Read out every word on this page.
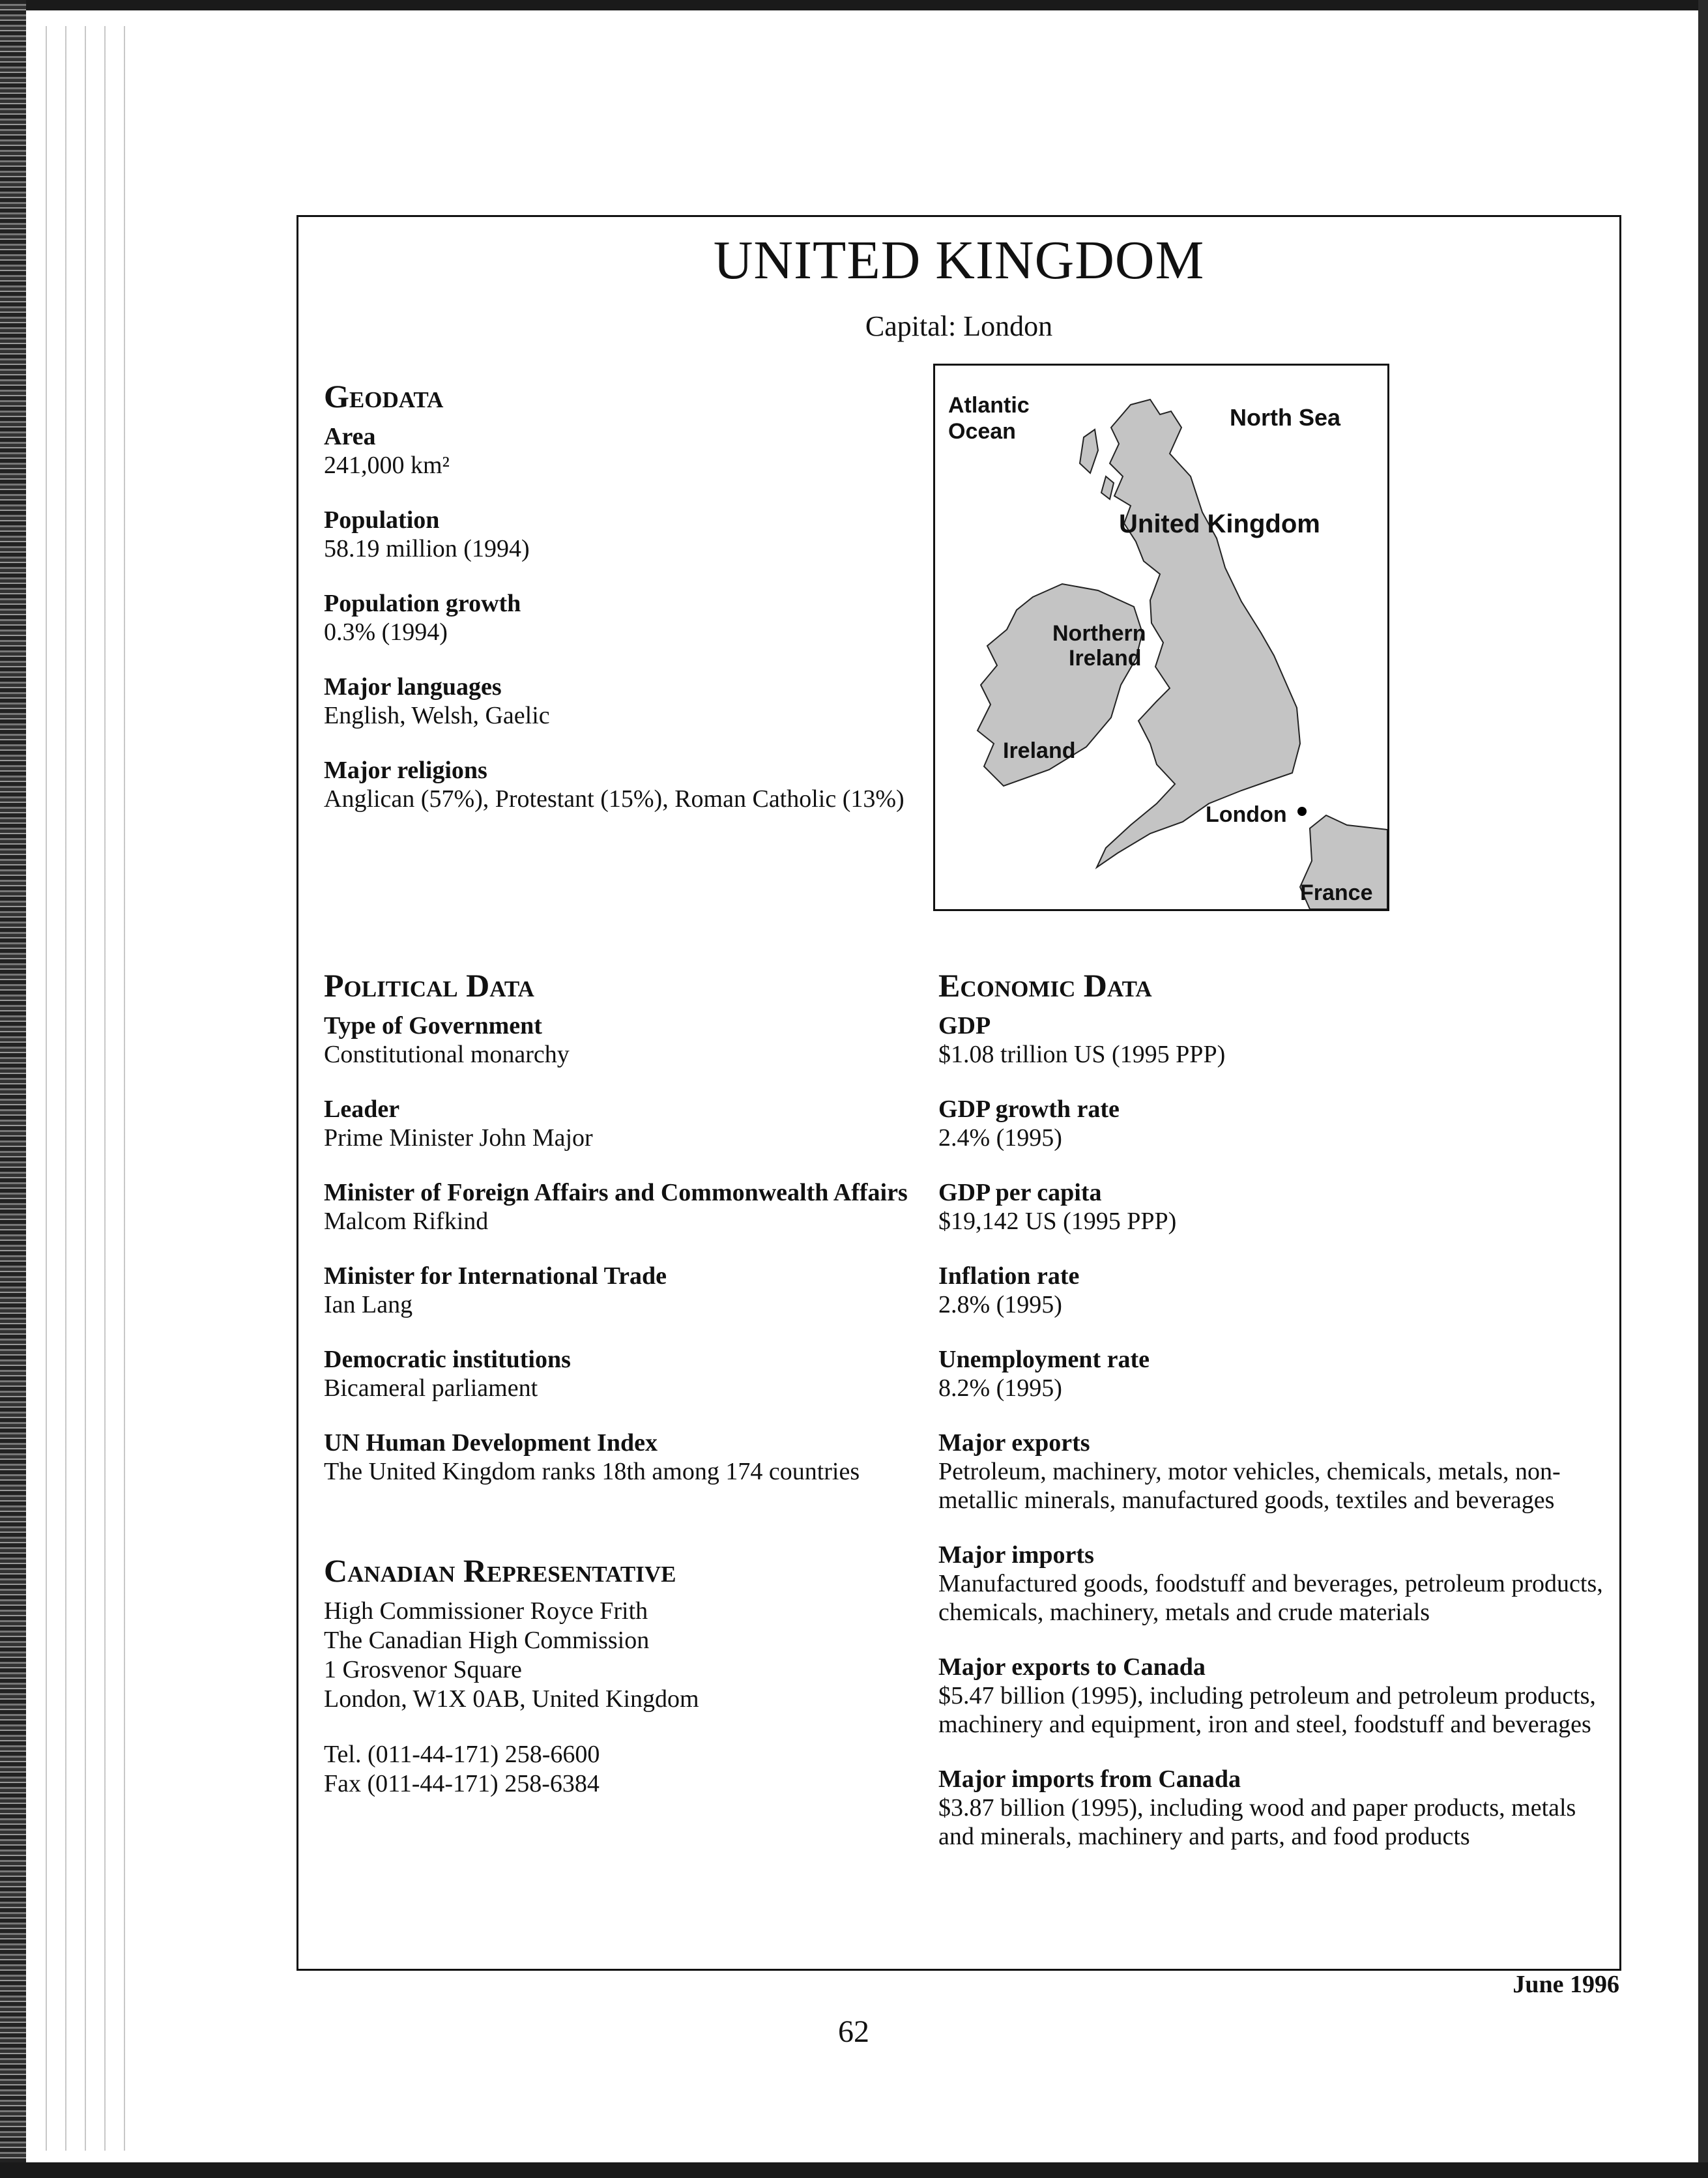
UNITED KINGDOM
Capital: London
Geodata
Area
241,000 km²
Population
58.19 million (1994)
Population growth
0.3% (1994)
Major languages
English, Welsh, Gaelic
Major religions
Anglican (57%), Protestant (15%), Roman Catholic (13%)
Atlantic
Ocean
North Sea
United Kingdom
Northern
Ireland
Ireland
London
France
Political Data
Type of Government
Constitutional monarchy
Leader
Prime Minister John Major
Minister of Foreign Affairs and Commonwealth Affairs
Malcom Rifkind
Minister for International Trade
Ian Lang
Democratic institutions
Bicameral parliament
UN Human Development Index
The United Kingdom ranks 18th among 174 countries
Canadian Representative
High Commissioner Royce Frith
The Canadian High Commission
1 Grosvenor Square
London, W1X 0AB, United Kingdom
Tel. (011-44-171) 258-6600
Fax (011-44-171) 258-6384
Economic Data
GDP
$1.08 trillion US (1995 PPP)
GDP growth rate
2.4% (1995)
GDP per capita
$19,142 US (1995 PPP)
Inflation rate
2.8% (1995)
Unemployment rate
8.2% (1995)
Major exports
Petroleum, machinery, motor vehicles, chemicals, metals, non-metallic minerals, manufactured goods, textiles and beverages
Major imports
Manufactured goods, foodstuff and beverages, petroleum products, chemicals, machinery, metals and crude materials
Major exports to Canada
$5.47 billion (1995), including petroleum and petroleum products, machinery and equipment, iron and steel, foodstuff and beverages
Major imports from Canada
$3.87 billion (1995), including wood and paper products, metals and minerals, machinery and parts, and food products
June 1996
62
